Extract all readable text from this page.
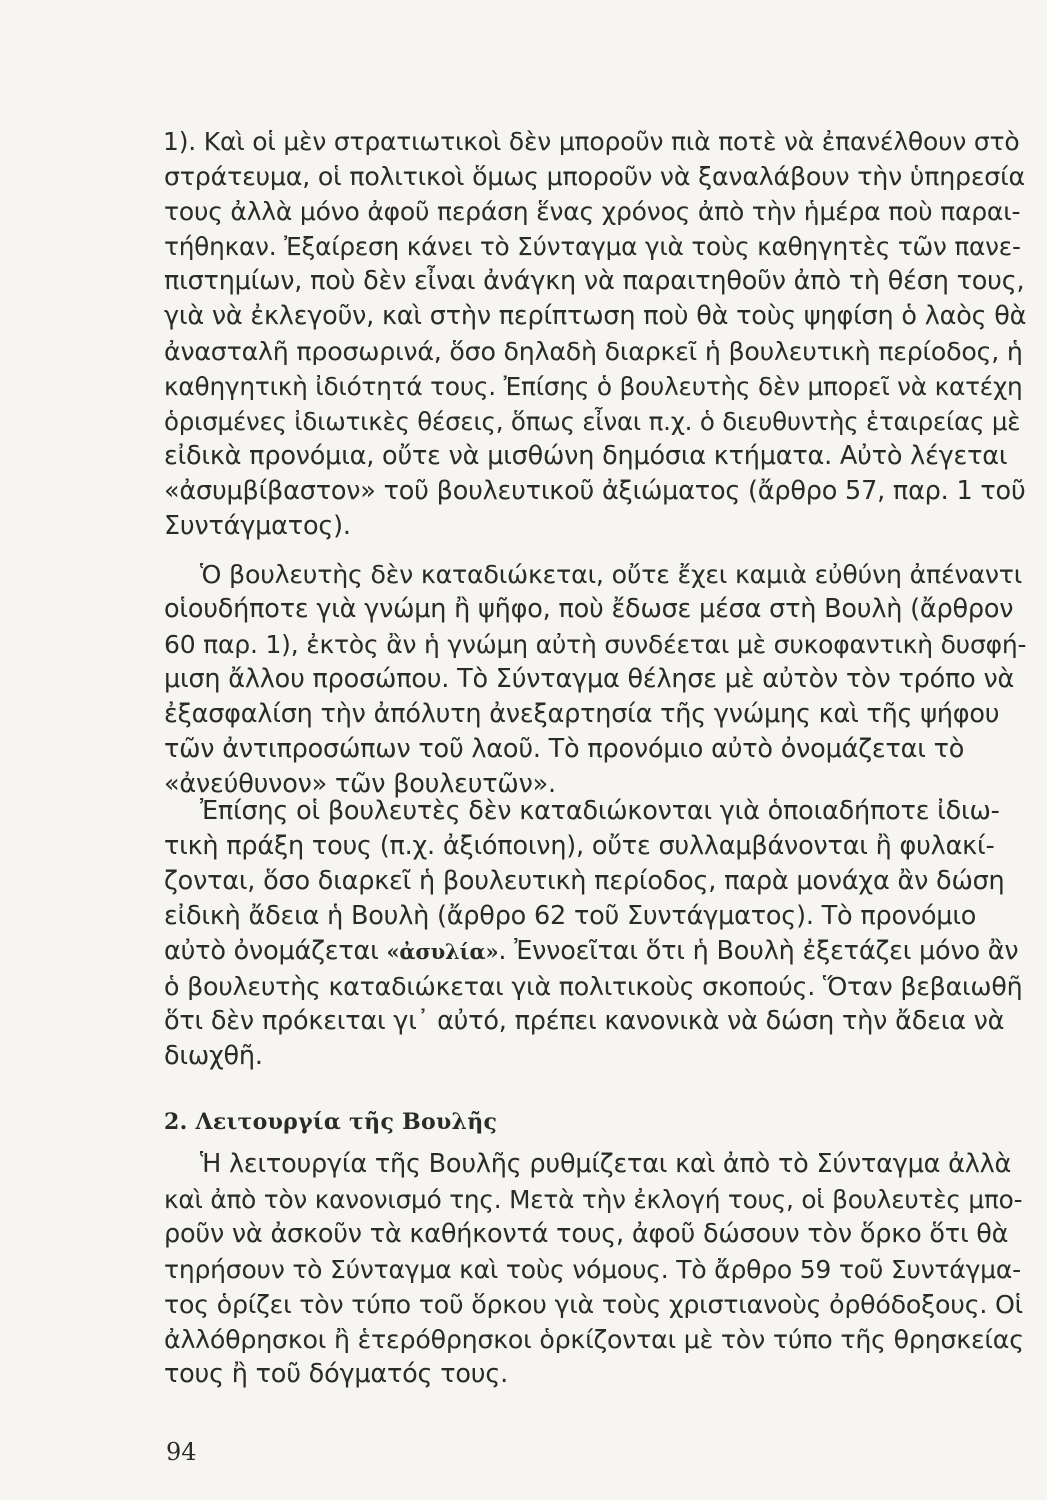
1). Καὶ οἱ μὲν στρατιωτικοὶ δὲν μποροῦν πιὰ ποτὲ νὰ ἐπανέλθουν στὸ
στράτευμα, οἱ πολιτικοὶ ὅμως μποροῦν νὰ ξαναλάβουν τὴν ὑπηρεσία
τους ἀλλὰ μόνο ἀφοῦ περάση ἕνας χρόνος ἀπὸ τὴν ἡμέρα ποὺ παραι-
τήθηκαν. Ἐξαίρεση κάνει τὸ Σύνταγμα γιὰ τοὺς καθηγητὲς τῶν πανε-
πιστημίων, ποὺ δὲν εἶναι ἀνάγκη νὰ παραιτηθοῦν ἀπὸ τὴ θέση τους,
γιὰ νὰ ἐκλεγοῦν, καὶ στὴν περίπτωση ποὺ θὰ τοὺς ψηφίση ὁ λαὸς θὰ
ἀνασταλῆ προσωρινά, ὅσο δηλαδὴ διαρκεῖ ἡ βουλευτικὴ περίοδος, ἡ
καθηγητικὴ ἰδιότητά τους. Ἐπίσης ὁ βουλευτὴς δὲν μπορεῖ νὰ κατέχη
ὁρισμένες ἰδιωτικὲς θέσεις, ὅπως εἶναι π.χ. ὁ διευθυντὴς ἑταιρείας μὲ
εἰδικὰ προνόμια, οὔτε νὰ μισθώνη δημόσια κτήματα. Αὐτὸ λέγεται
«ἀσυμβίβαστον» τοῦ βουλευτικοῦ ἀξιώματος (ἄρθρο 57, παρ. 1 τοῦ
Συντάγματος).
Ὁ βουλευτὴς δὲν καταδιώκεται, οὔτε ἔχει καμιὰ εὐθύνη ἀπέναντι
οἱουδήποτε γιὰ γνώμη ἢ ψῆφο, ποὺ ἔδωσε μέσα στὴ Βουλὴ (ἄρθρον
60 παρ. 1), ἐκτὸς ἂν ἡ γνώμη αὐτὴ συνδέεται μὲ συκοφαντικὴ δυσφή-
μιση ἄλλου προσώπου. Τὸ Σύνταγμα θέλησε μὲ αὐτὸν τὸν τρόπο νὰ
ἐξασφαλίση τὴν ἀπόλυτη ἀνεξαρτησία τῆς γνώμης καὶ τῆς ψήφου
τῶν ἀντιπροσώπων τοῦ λαοῦ. Τὸ προνόμιο αὐτὸ ὀνομάζεται τὸ
«ἀνεύθυνον» τῶν βουλευτῶν».
Ἐπίσης οἱ βουλευτὲς δὲν καταδιώκονται γιὰ ὁποιαδήποτε ἰδιω-
τικὴ πράξη τους (π.χ. ἀξιόποινη), οὔτε συλλαμβάνονται ἢ φυλακί-
ζονται, ὅσο διαρκεῖ ἡ βουλευτικὴ περίοδος, παρὰ μονάχα ἂν δώση
εἰδικὴ ἄδεια ἡ Βουλὴ (ἄρθρο 62 τοῦ Συντάγματος). Τὸ προνόμιο
αὐτὸ ὀνομάζεται «ἀσυλία». Ἐννοεῖται ὅτι ἡ Βουλὴ ἐξετάζει μόνο ἂν
ὁ βουλευτὴς καταδιώκεται γιὰ πολιτικοὺς σκοπούς. Ὅταν βεβαιωθῆ
ὅτι δὲν πρόκειται γι᾿ αὐτό, πρέπει κανονικὰ νὰ δώση τὴν ἄδεια νὰ
διωχθῆ.
2. Λειτουργία τῆς Βουλῆς
Ἡ λειτουργία τῆς Βουλῆς ρυθμίζεται καὶ ἀπὸ τὸ Σύνταγμα ἀλλὰ
καὶ ἀπὸ τὸν κανονισμό της. Μετὰ τὴν ἐκλογή τους, οἱ βουλευτὲς μπο-
ροῦν νὰ ἀσκοῦν τὰ καθήκοντά τους, ἀφοῦ δώσουν τὸν ὅρκο ὅτι θὰ
τηρήσουν τὸ Σύνταγμα καὶ τοὺς νόμους. Τὸ ἄρθρο 59 τοῦ Συντάγμα-
τος ὁρίζει τὸν τύπο τοῦ ὅρκου γιὰ τοὺς χριστιανοὺς ὀρθόδοξους. Οἱ
ἀλλόθρησκοι ἢ ἑτερόθρησκοι ὁρκίζονται μὲ τὸν τύπο τῆς θρησκείας
τους ἢ τοῦ δόγματός τους.
94
